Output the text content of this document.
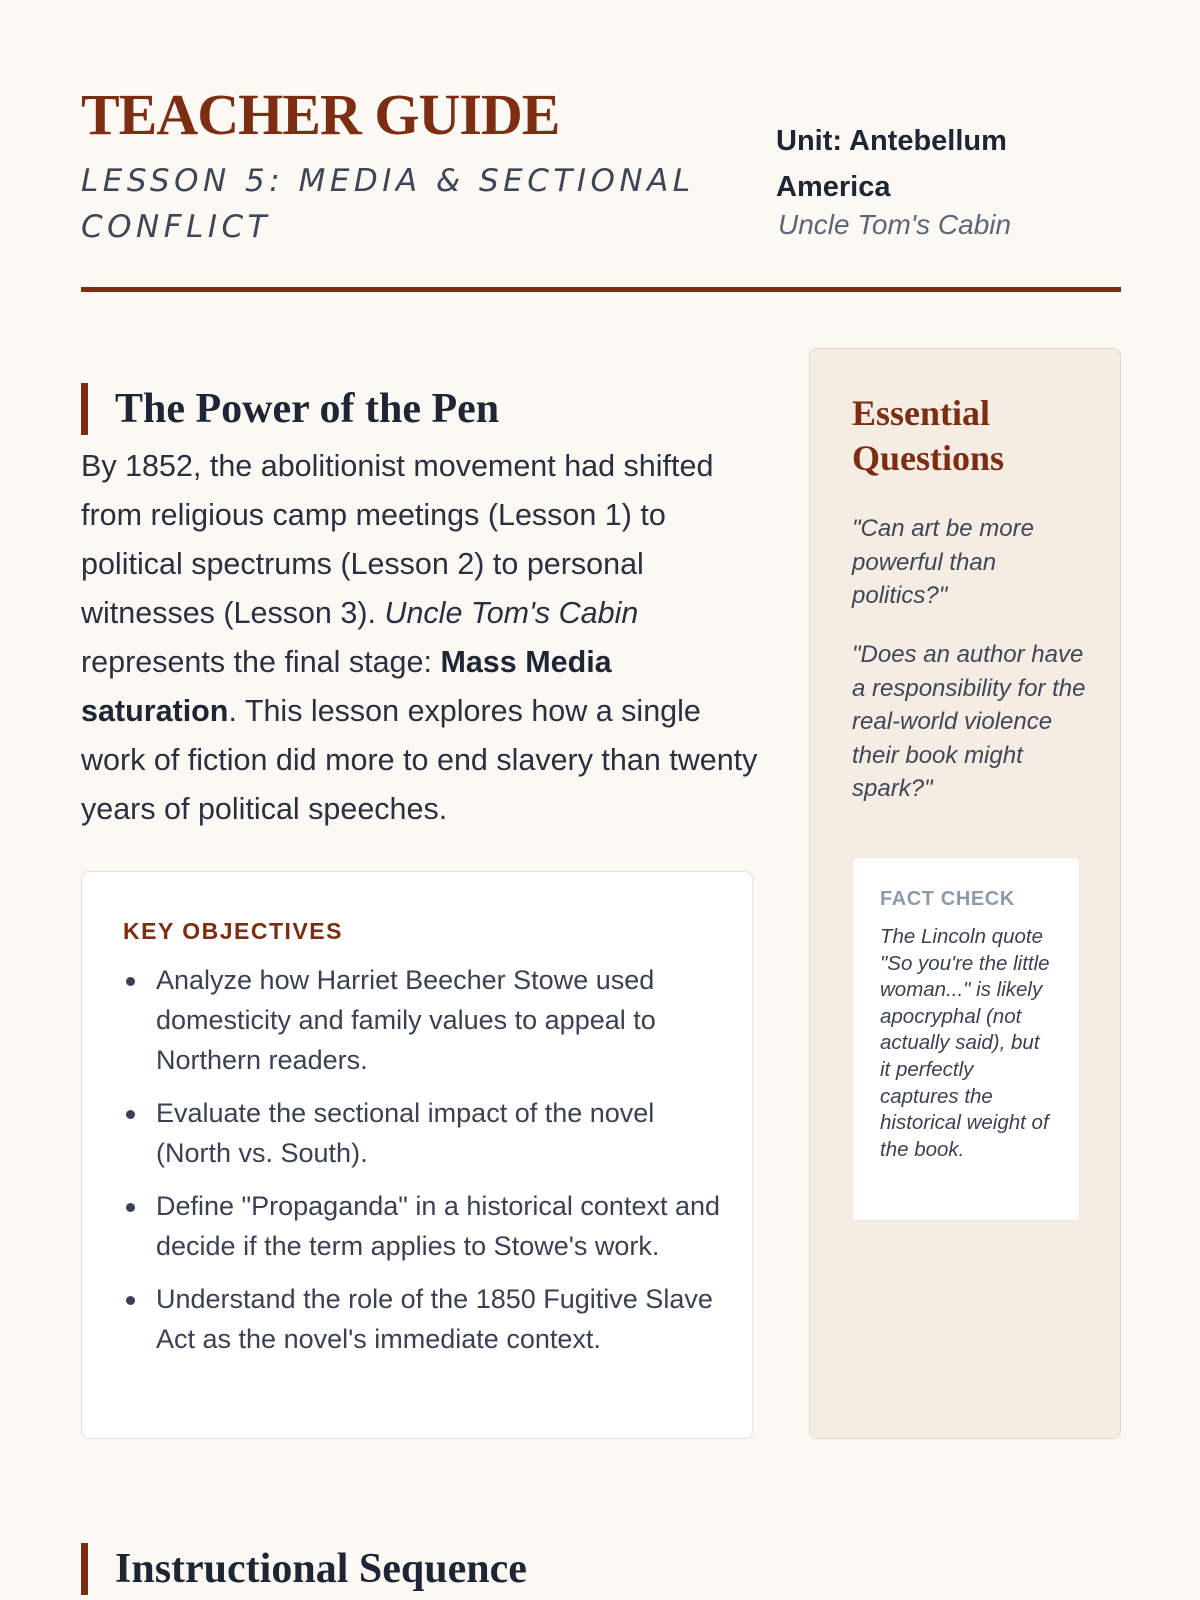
TEACHER GUIDE
LESSON 5: MEDIA & SECTIONAL CONFLICT
Unit: Antebellum America
Uncle Tom's Cabin
The Power of the Pen

By 1852, the abolitionist movement had shifted from religious camp meetings (Lesson 1) to political spectrums (Lesson 2) to personal witnesses (Lesson 3). Uncle Tom's Cabin represents the final stage: Mass Media saturation. This lesson explores how a single work of fiction did more to end slavery than twenty years of political speeches.

KEY OBJECTIVES
Analyze how Harriet Beecher Stowe used domesticity and family values to appeal to Northern readers.
Evaluate the sectional impact of the novel (North vs. South).
Define "Propaganda" in a historical context and decide if the term applies to Stowe's work.
Understand the role of the 1850 Fugitive Slave Act as the novel's immediate context.
Essential Questions

"Can art be more powerful than politics?"

"Does an author have a responsibility for the real-world violence their book might spark?"

FACT CHECK

The Lincoln quote "So you're the little woman..." is likely apocryphal (not actually said), but it perfectly captures the historical weight of the book.

Instructional Sequence
